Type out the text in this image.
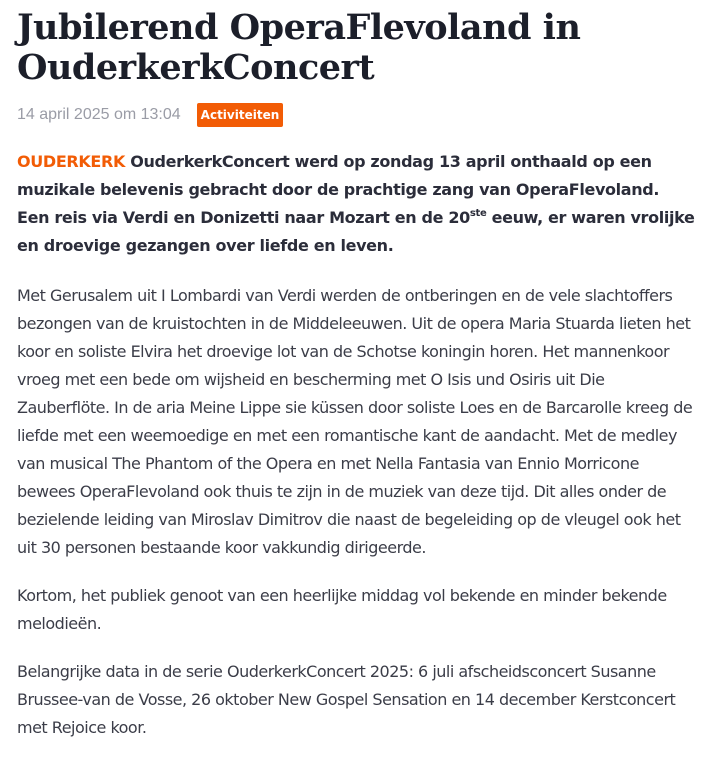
Jubilerend OperaFlevoland in OuderkerkConcert
14 april 2025 om 13:04	Activiteiten

OUDERKERK OuderkerkConcert werd op zondag 13 april onthaald op een muzikale belevenis gebracht door de prachtige zang van OperaFlevoland. Een reis via Verdi en Donizetti naar Mozart en de 20ste eeuw, er waren vrolijke en droevige gezangen over liefde en leven.

Met Gerusalem uit I Lombardi van Verdi werden de ontberingen en de vele slachtoffers bezongen van de kruistochten in de Middeleeuwen. Uit de opera Maria Stuarda lieten het koor en soliste Elvira het droevige lot van de Schotse koningin horen. Het mannenkoor vroeg met een bede om wijsheid en bescherming met O Isis und Osiris uit Die Zauberflöte. In de aria Meine Lippe sie küssen door soliste Loes en de Barcarolle kreeg de liefde met een weemoedige en met een romantische kant de aandacht. Met de medley van musical The Phantom of the Opera en met Nella Fantasia van Ennio Morricone bewees OperaFlevoland ook thuis te zijn in de muziek van deze tijd. Dit alles onder de bezielende leiding van Miroslav Dimitrov die naast de begeleiding op de vleugel ook het uit 30 personen bestaande koor vakkundig dirigeerde.

Kortom, het publiek genoot van een heerlijke middag vol bekende en minder bekende melodieën.

Belangrijke data in de serie OuderkerkConcert 2025: 6 juli afscheidsconcert Susanne Brussee-van de Vosse, 26 oktober New Gospel Sensation en 14 december Kerstconcert met Rejoice koor.
